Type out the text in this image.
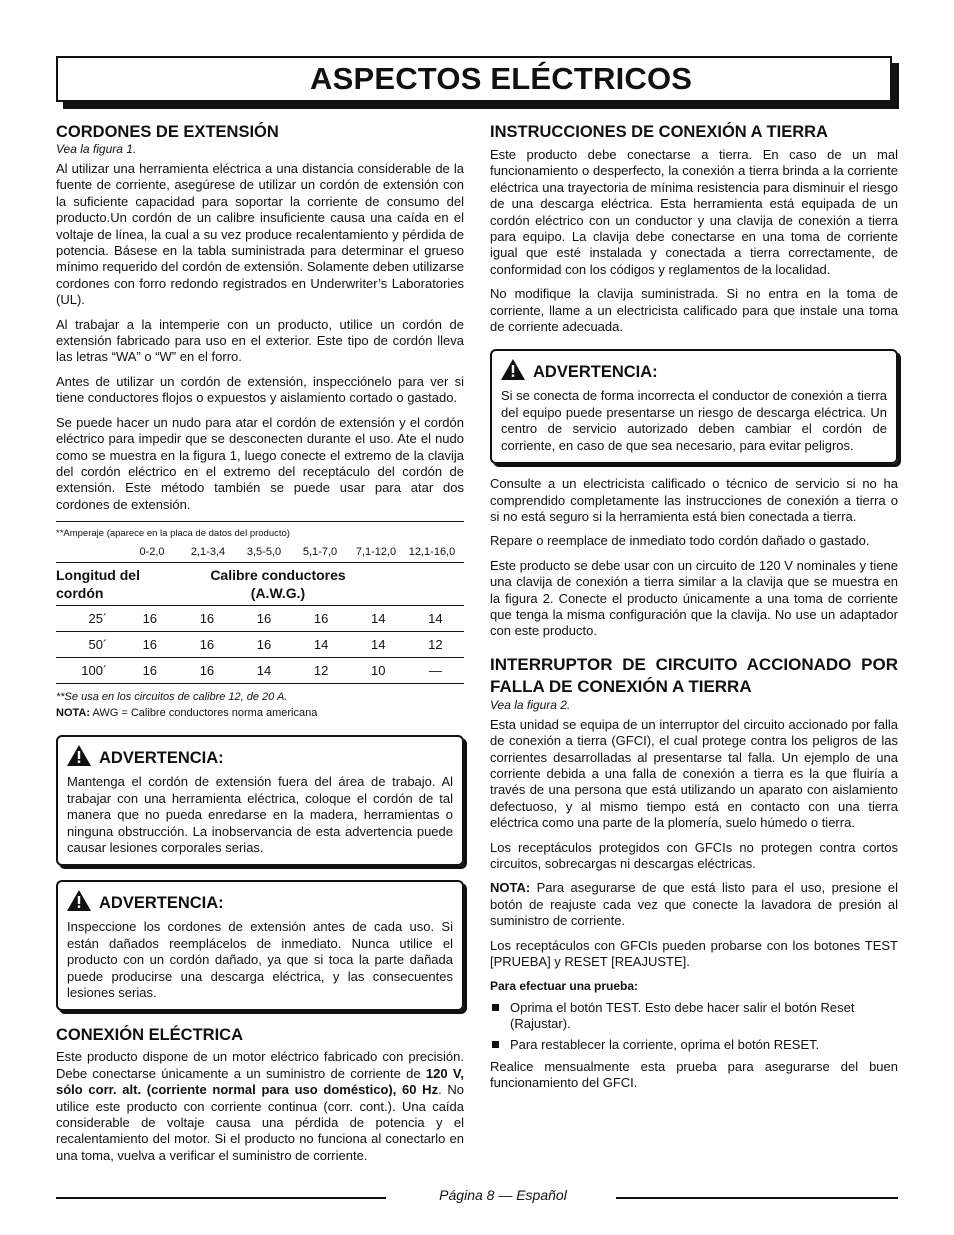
ASPECTOS ELÉCTRICOS
CORDONES DE EXTENSIÓN
Vea la figura 1.

Al utilizar una herramienta eléctrica a una distancia considerable de la fuente de corriente, asegúrese de utilizar un cordón de extensión con la suficiente capacidad para soportar la corriente de consumo del producto.Un cordón de un calibre insuficiente causa una caída en el voltaje de línea, la cual a su vez produce recalentamiento y pérdida de potencia. Básese en la tabla suministrada para determinar el grueso mínimo requerido del cordón de extensión. Solamente deben utilizarse cordones con forro redondo registrados en Underwriter’s Laboratories (UL).

Al trabajar a la intemperie con un producto, utilice un cordón de extensión fabricado para uso en el exterior. Este tipo de cordón lleva las letras “WA” o “W” en el forro.

Antes de utilizar un cordón de extensión, inspecciónelo para ver si tiene conductores flojos o expuestos y aislamiento cortado o gastado.

Se puede hacer un nudo para atar el cordón de extensión y el cordón eléctrico para impedir que se desconecten durante el uso. Ate el nudo como se muestra en la figura 1, luego conecte el extremo de la clavija del cordón eléctrico en el extremo del receptáculo del cordón de extensión. Este método también se puede usar para atar dos cordones de extensión.

**Amperaje (aparece en la placa de datos del producto)

0-2,0	2,1-3,4	3,5-5,0	5,1-7,0	7,1-12,0	12,1-16,0
Longitud del cordón
Calibre conductores (A.W.G.)
25´	16	16	16	16	14	14
50´	16	16	16	14	14	12
100´	16	16	14	12	10	—

**Se usa en los circuitos de calibre 12, de 20 A.

NOTA: AWG = Calibre conductores norma americana

ADVERTENCIA:

Mantenga el cordón de extensión fuera del área de trabajo. Al trabajar con una herramienta eléctrica, coloque el cordón de tal manera que no pueda enredarse en la madera, herramientas o ninguna obstrucción. La inobservancia de esta advertencia puede causar lesiones corporales serias.

ADVERTENCIA:

Inspeccione los cordones de extensión antes de cada uso. Si están dañados reemplácelos de inmediato. Nunca utilice el producto con un cordón dañado, ya que si toca la parte dañada puede producirse una descarga eléctrica, y las consecuentes lesiones serias.

CONEXIÓN ELÉCTRICA

Este producto dispone de un motor eléctrico fabricado con precisión. Debe conectarse únicamente a un suministro de corriente de 120 V, sólo corr. alt. (corriente normal para uso doméstico), 60 Hz. No utilice este producto con corriente continua (corr. cont.). Una caída considerable de voltaje causa una pérdida de potencia y el recalentamiento del motor. Si el producto no funciona al conectarlo en una toma, vuelva a verificar el suministro de corriente.

INSTRUCCIONES DE CONEXIÓN A TIERRA

Este producto debe conectarse a tierra. En caso de un mal funcionamiento o desperfecto, la conexión a tierra brinda a la corriente eléctrica una trayectoria de mínima resistencia para disminuir el riesgo de una descarga eléctrica. Esta herramienta está equipada de un cordón eléctrico con un conductor y una clavija de conexión a tierra para equipo. La clavija debe conectarse en una toma de corriente igual que esté instalada y conectada a tierra correctamente, de conformidad con los códigos y reglamentos de la localidad.

No modifique la clavija suministrada. Si no entra en la toma de corriente, llame a un electricista calificado para que instale una toma de corriente adecuada.

ADVERTENCIA:

Si se conecta de forma incorrecta el conductor de conexión a tierra del equipo puede presentarse un riesgo de descarga eléctrica. Un centro de servicio autorizado deben cambiar el cordón de corriente, en caso de que sea necesario, para evitar peligros.

Consulte a un electricista calificado o técnico de servicio si no ha comprendido completamente las instrucciones de conexión a tierra o si no está seguro si la herramienta está bien conectada a tierra.

Repare o reemplace de inmediato todo cordón dañado o gastado.

Este producto se debe usar con un circuito de 120 V nominales y tiene una clavija de conexión a tierra similar a la clavija que se muestra en la figura 2. Conecte el producto únicamente a una toma de corriente que tenga la misma configuración que la clavija. No use un adaptador con este producto.

INTERRUPTOR DE CIRCUITO ACCIONADO POR FALLA DE CONEXIÓN A TIERRA
Vea la figura 2.

Esta unidad se equipa de un interruptor del circuito accionado por falla de conexión a tierra (GFCI), el cual protege contra los peligros de las corrientes desarrolladas al presentarse tal falla. Un ejemplo de una corriente debida a una falla de conexión a tierra es la que fluiría a través de una persona que está utilizando un aparato con aislamiento defectuoso, y al mismo tiempo está en contacto con una tierra eléctrica como una parte de la plomería, suelo húmedo o tierra.

Los receptáculos protegidos con GFCIs no protegen contra cortos circuitos, sobrecargas ni descargas eléctricas.

NOTA: Para asegurarse de que está listo para el uso, presione el botón de reajuste cada vez que conecte la lavadora de presión al suministro de corriente.

Los receptáculos con GFCIs pueden probarse con los botones TEST [PRUEBA] y RESET [REAJUSTE].

Para efectuar una prueba:

Oprima el botón TEST. Esto debe hacer salir el botón Reset (Rajustar).
Para restablecer la corriente, oprima el botón RESET.

Realice mensualmente esta prueba para asegurarse del buen funcionamiento del GFCI.

Página 8 — Español
